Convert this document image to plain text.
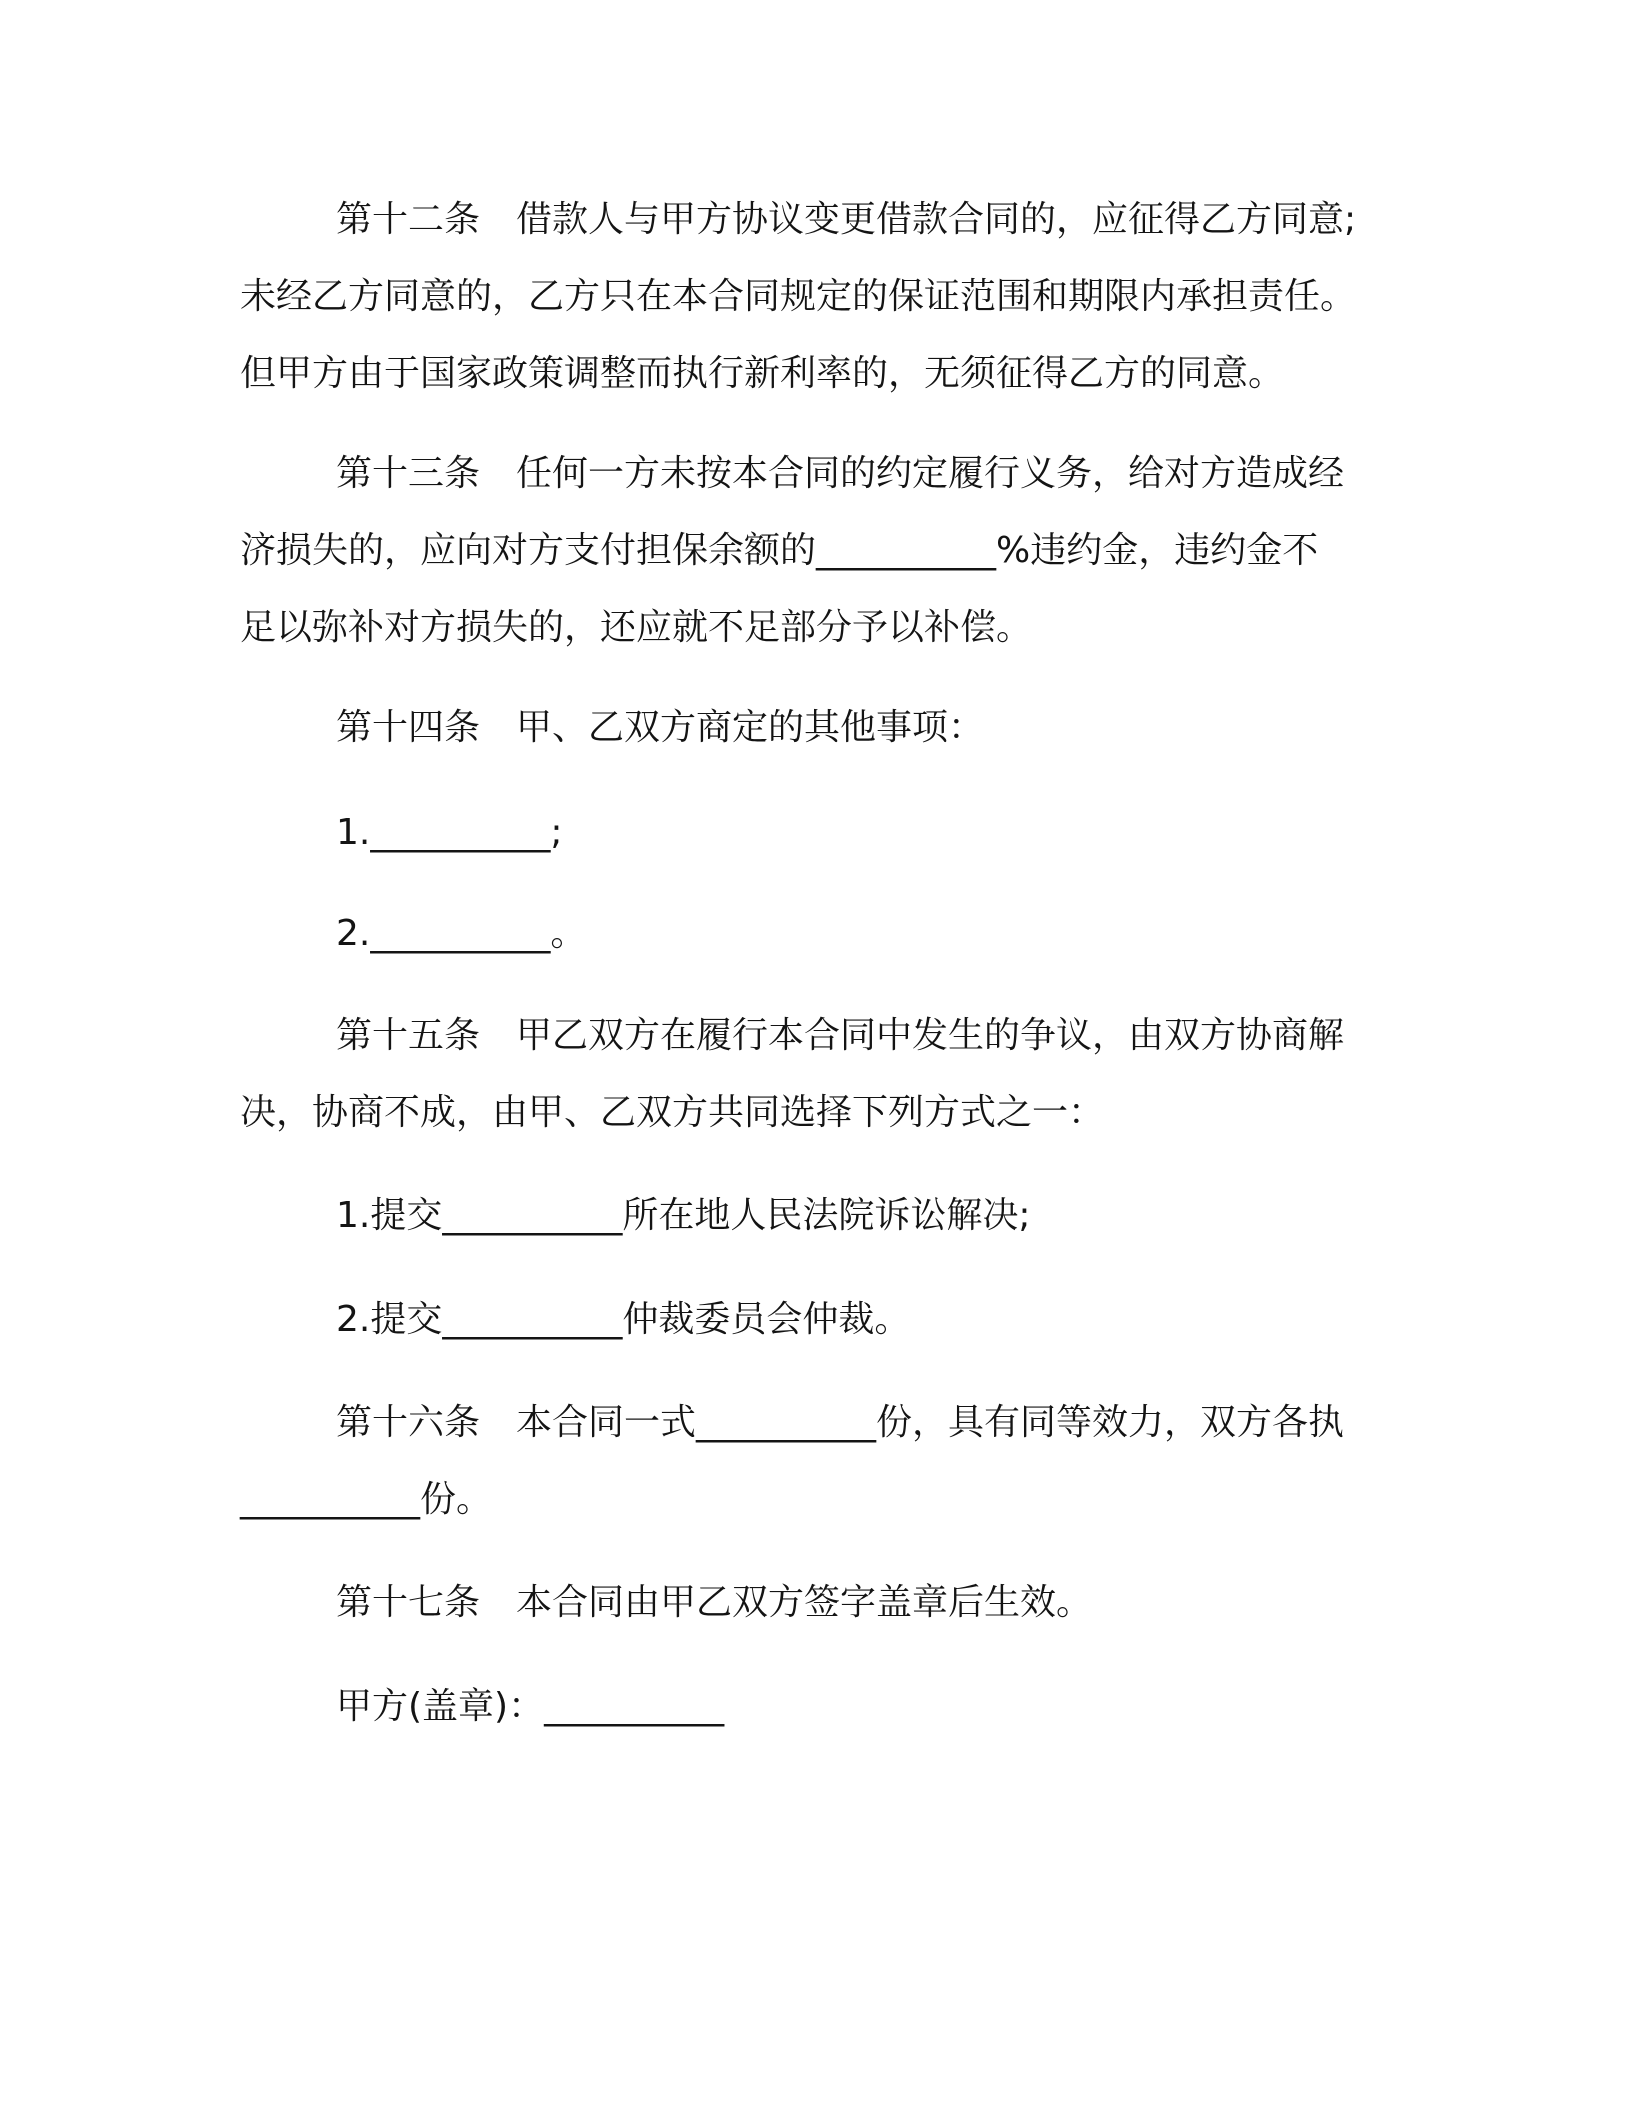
第十二条　借款人与甲方协议变更借款合同的，应征得乙方同意;
未经乙方同意的，乙方只在本合同规定的保证范围和期限内承担责任。
但甲方由于国家政策调整而执行新利率的，无须征得乙方的同意。
第十三条　任何一方未按本合同的约定履行义务，给对方造成经
济损失的，应向对方支付担保余额的__________%违约金，违约金不
足以弥补对方损失的，还应就不足部分予以补偿。
第十四条　甲、乙双方商定的其他事项：
1.__________;
2.__________。
第十五条　甲乙双方在履行本合同中发生的争议，由双方协商解
决，协商不成，由甲、乙双方共同选择下列方式之一：
1.提交__________所在地人民法院诉讼解决;
2.提交__________仲裁委员会仲裁。
第十六条　本合同一式__________份，具有同等效力，双方各执
__________份。
第十七条　本合同由甲乙双方签字盖章后生效。
甲方(盖章)：__________
